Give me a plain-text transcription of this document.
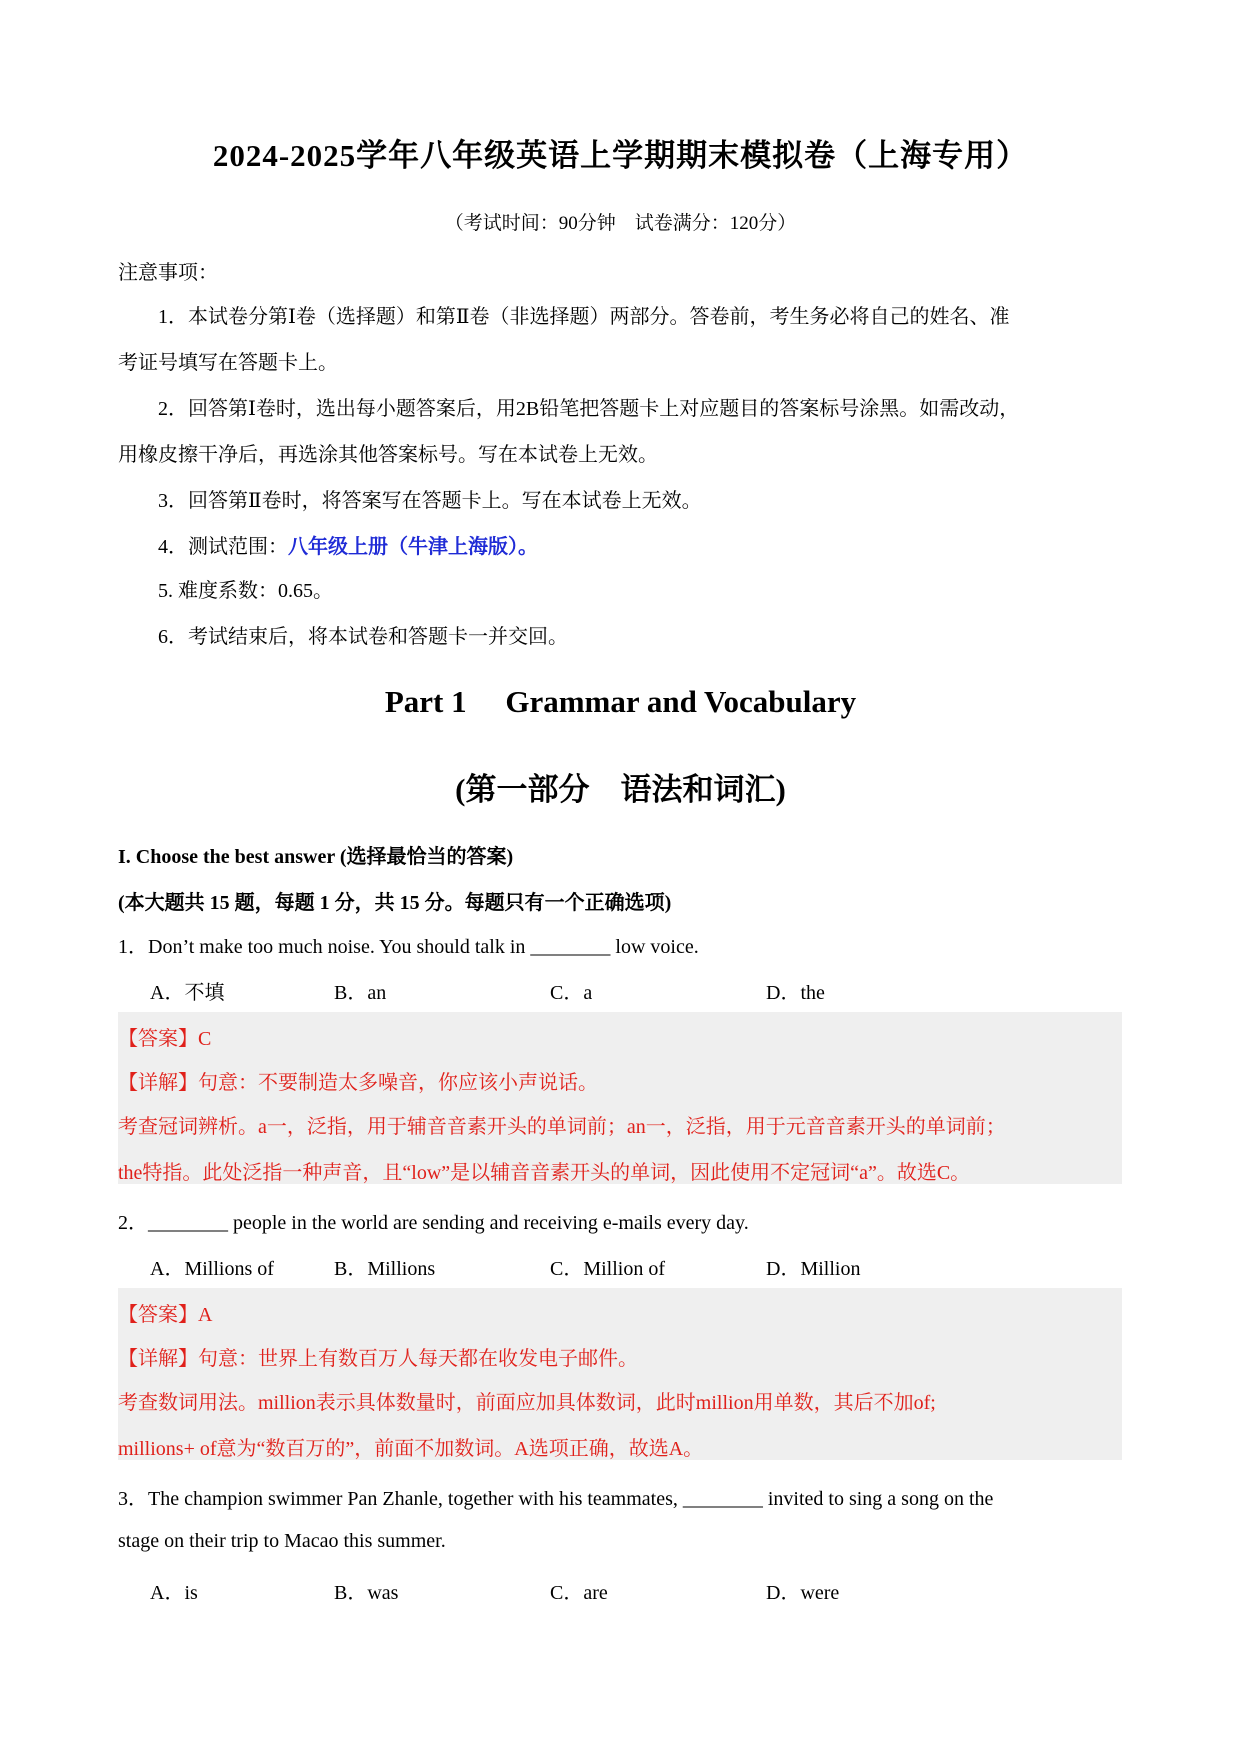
2024-2025学年八年级英语上学期期末模拟卷（上海专用）
（考试时间：90分钟　试卷满分：120分）
注意事项：
1．本试卷分第Ⅰ卷（选择题）和第Ⅱ卷（非选择题）两部分。答卷前，考生务必将自己的姓名、准
考证号填写在答题卡上。
2．回答第Ⅰ卷时，选出每小题答案后，用2B铅笔把答题卡上对应题目的答案标号涂黑。如需改动，
用橡皮擦干净后，再选涂其他答案标号。写在本试卷上无效。
3．回答第Ⅱ卷时，将答案写在答题卡上。写在本试卷上无效。
4．测试范围：八年级上册（牛津上海版）。
5. 难度系数：0.65。
6．考试结束后，将本试卷和答题卡一并交回。
Part 1　 Grammar and Vocabulary
(第一部分　语法和词汇)
I. Choose the best answer (选择最恰当的答案)
(本大题共 15 题，每题 1 分，共 15 分。每题只有一个正确选项)
1．Don’t make too much noise. You should talk in ________ low voice.
A．不填	B．an	C．a	D．the
【答案】C
【详解】句意：不要制造太多噪音，你应该小声说话。
考查冠词辨析。a一，泛指，用于辅音音素开头的单词前；an一，泛指，用于元音音素开头的单词前；
the特指。此处泛指一种声音，且“low”是以辅音音素开头的单词，因此使用不定冠词“a”。故选C。
2．________ people in the world are sending and receiving e-mails every day.
A．Millions of	B．Millions	C．Million of	D．Million
【答案】A
【详解】句意：世界上有数百万人每天都在收发电子邮件。
考查数词用法。million表示具体数量时，前面应加具体数词，此时million用单数，其后不加of;
millions+ of意为“数百万的”，前面不加数词。A选项正确，故选A。
3．The champion swimmer Pan Zhanle, together with his teammates, ________ invited to sing a song on the
stage on their trip to Macao this summer.
A．is	B．was	C．are	D．were
